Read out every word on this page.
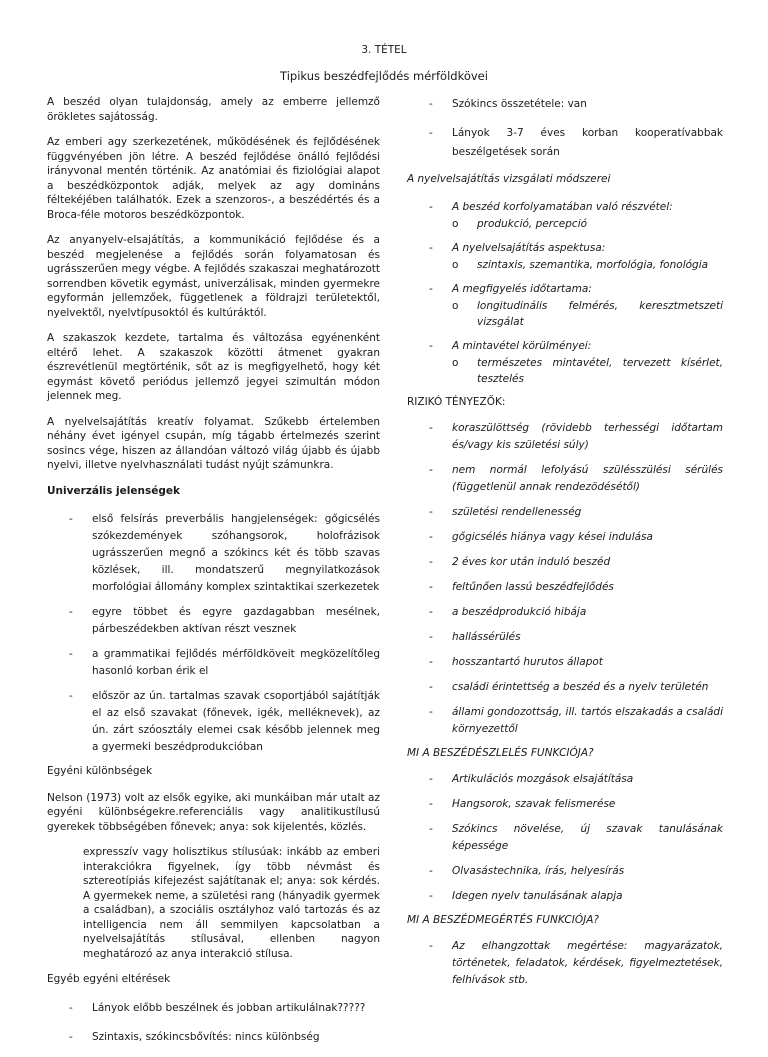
3. TÉTEL
Tipikus beszédfejlődés mérföldkövei

A beszéd olyan tulajdonság, amely az emberre jellemző örökletes sajátosság.

Az emberi agy szerkezetének, működésének és fejlődésének függvényében jön létre. A beszéd fejlődése önálló fejlődési irányvonal mentén történik. Az anatómiai és fiziológiai alapot a beszédközpontok adják, melyek az agy domináns féltekéjében találhatók. Ezek a szenzoros-, a beszédértés és a Broca-féle motoros beszédközpontok.

Az anyanyelv-elsajátítás, a kommunikáció fejlődése és a beszéd megjelenése a fejlődés során folyamatosan és ugrásszerűen megy végbe. A fejlődés szakaszai meghatározott sorrendben követik egymást, univerzálisak, minden gyermekre egyformán jellemzőek, függetlenek a földrajzi területektől, nyelvektől, nyelvtípusoktól és kultúráktól.

A szakaszok kezdete, tartalma és változása egyénenként eltérő lehet. A szakaszok közötti átmenet gyakran észrevétlenül megtörténik, sőt az is megfigyelhető, hogy két egymást követő periódus jellemző jegyei szimultán módon jelennek meg.

A nyelvelsajátítás kreatív folyamat. Szűkebb értelemben néhány évet igényel csupán, míg tágabb értelmezés szerint sosincs vége, hiszen az állandóan változó világ újabb és újabb nyelvi, illetve nyelvhasználati tudást nyújt számunkra.

Univerzális jelenségek

- első felsírás preverbális hangjelenségek: gőgicsélés szókezdemények szóhangsorok, holofrázisok ugrásszerűen megnő a szókincs két és több szavas közlések, ill. mondatszerű megnyilatkozások morfológiai állomány komplex szintaktikai szerkezetek
- egyre többet és egyre gazdagabban mesélnek, párbeszédekben aktívan részt vesznek
- a grammatikai fejlődés mérföldköveit megközelítőleg hasonló korban érik el
- először az ún. tartalmas szavak csoportjából sajátítják el az első szavakat (főnevek, igék, melléknevek), az ún. zárt szóosztály elemei csak később jelennek meg a gyermeki beszédprodukcióban

Egyéni különbségek

Nelson (1973) volt az elsők egyike, aki munkáiban már utalt az egyéni különbségekre.referenciális vagy analitikustílusú gyerekek többségében főnevek; anya: sok kijelentés, közlés.

expresszív vagy holisztikus stílusúak: inkább az emberi interakciókra figyelnek, így több névmást és sztereotípiás kifejezést sajátítanak el; anya: sok kérdés. A gyermekek neme, a születési rang (hányadik gyermek a családban), a szociális osztályhoz való tartozás és az intelligencia nem áll semmilyen kapcsolatban a nyelvelsajátítás stílusával, ellenben nagyon meghatározó az anya interakció stílusa.

Egyéb egyéni eltérések

- Lányok előbb beszélnek és jobban artikulálnak?????
- Szintaxis, szókincsbővítés: nincs különbség
- Szókincs összetétele: van
- Lányok 3-7 éves korban kooperatívabbak beszélgetések során

A nyelvelsajátítás vizsgálati módszerei

- A beszéd korfolyamatában való részvétel:
o produkció, percepció
- A nyelvelsajátítás aspektusa:
o szintaxis, szemantika, morfológia, fonológia
- A megfigyelés időtartama:
o longitudinális felmérés, keresztmetszeti vizsgálat
- A mintavétel körülményei:
o természetes mintavétel, tervezett kísérlet, tesztelés

RIZIKÓ TÉNYEZŐK:

- koraszülöttség (rövidebb terhességi időtartam és/vagy kis születési súly)
- nem normál lefolyású szülésszülési sérülés (függetlenül annak rendezödésétől)
- születési rendellenesség
- gőgicsélés hiánya vagy kései indulása
- 2 éves kor után induló beszéd
- feltűnően lassú beszédfejlődés
- a beszédprodukció hibája
- hallássérülés
- hosszantartó hurutos állapot
- családi érintettség a beszéd és a nyelv területén
- állami gondozottság, ill. tartós elszakadás a családi környezettől

MI A BESZÉDÉSZLELÉS FUNKCIÓJA?

- Artikulációs mozgások elsajátítása
- Hangsorok, szavak felismerése
- Szókincs növelése, új szavak tanulásának képessége
- Olvasástechnika, írás, helyesírás
- Idegen nyelv tanulásának alapja

MI A BESZÉDMEGÉRTÉS FUNKCIÓJA?

- Az elhangzottak megértése: magyarázatok, történetek, feladatok, kérdések, figyelmeztetések, felhívások stb.
